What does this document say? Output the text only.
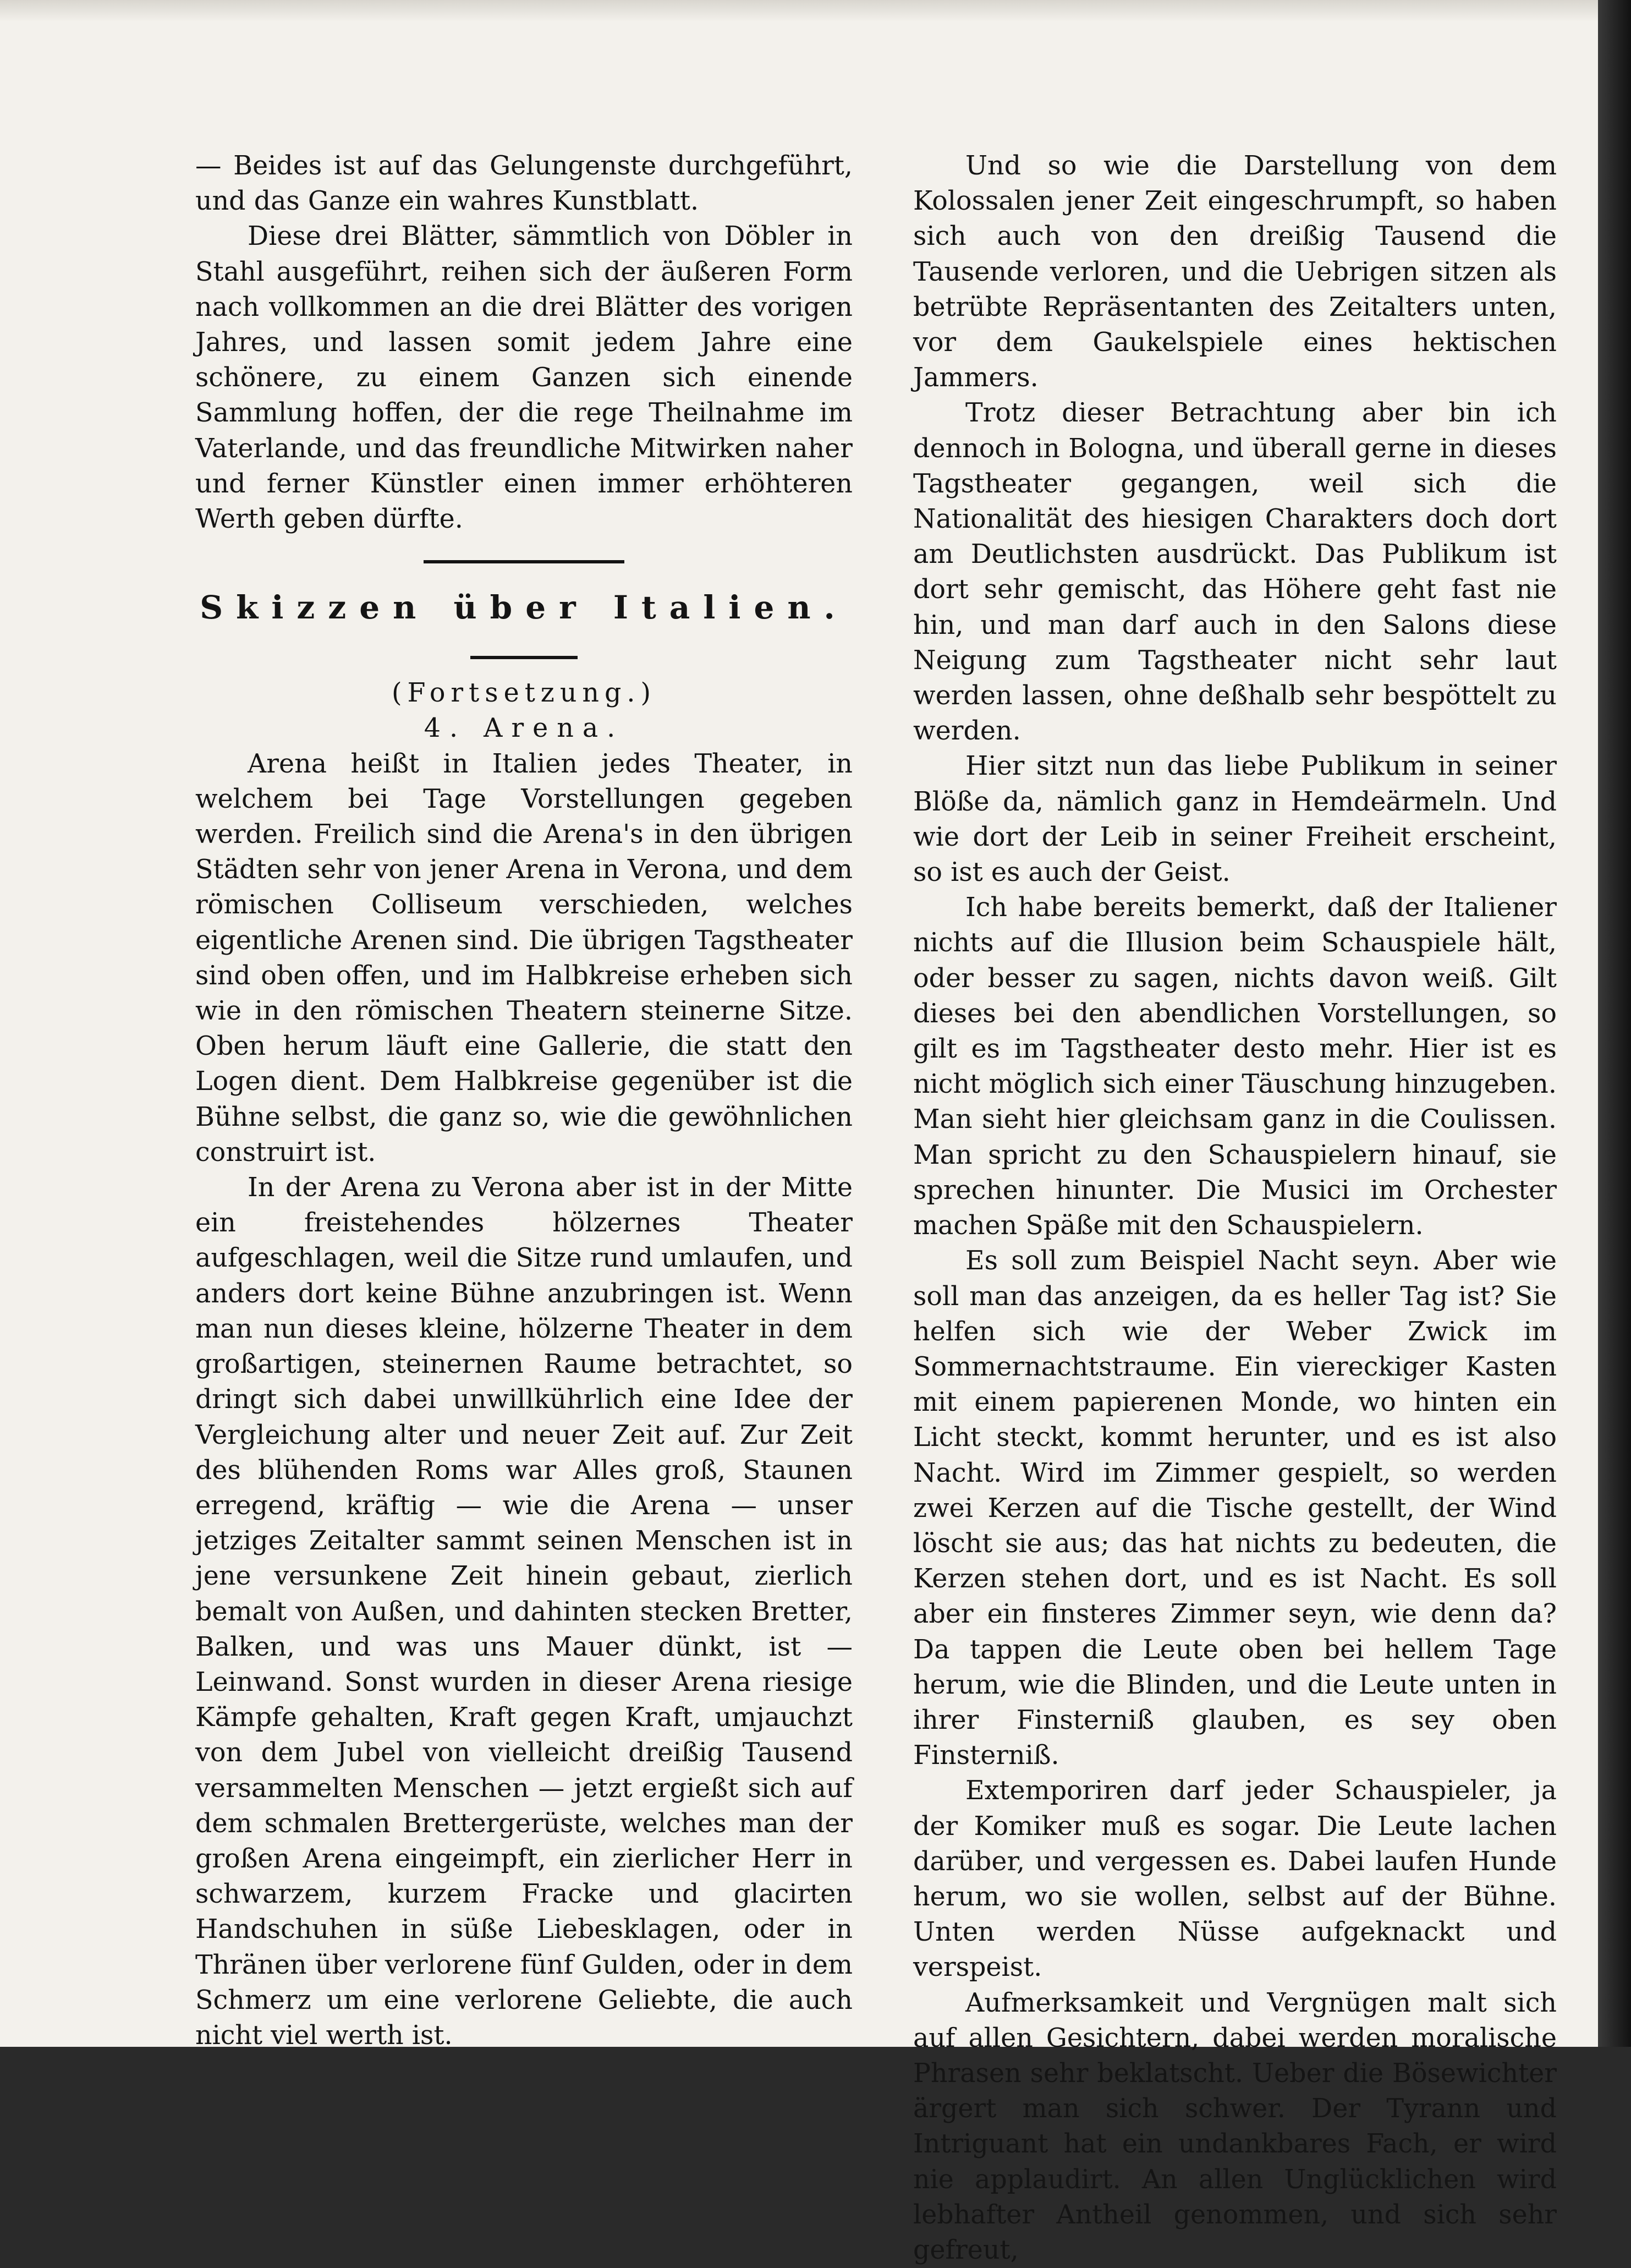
— Beides ist auf das Gelungenste durchgeführt, und das Ganze ein wahres Kunstblatt.

Diese drei Blätter, sämmtlich von Döbler in Stahl ausgeführt, reihen sich der äußeren Form nach vollkommen an die drei Blätter des vorigen Jahres, und lassen somit jedem Jahre eine schönere, zu einem Ganzen sich einende Sammlung hoffen, der die rege Theilnahme im Vaterlande, und das freundliche Mitwirken naher und ferner Künstler einen immer erhöhteren Werth geben dürfte.

Skizzen über Italien.

(Fortsetzung.)

4. Arena.

Arena heißt in Italien jedes Theater, in welchem bei Tage Vorstellungen gegeben werden. Freilich sind die Arena's in den übrigen Städten sehr von jener Arena in Verona, und dem römischen Colliseum verschieden, welches eigentliche Arenen sind. Die übrigen Tagstheater sind oben offen, und im Halbkreise erheben sich wie in den römischen Theatern steinerne Sitze. Oben herum läuft eine Gallerie, die statt den Logen dient. Dem Halbkreise gegenüber ist die Bühne selbst, die ganz so, wie die gewöhnlichen construirt ist.

In der Arena zu Verona aber ist in der Mitte ein freistehendes hölzernes Theater aufgeschlagen, weil die Sitze rund umlaufen, und anders dort keine Bühne anzubringen ist. Wenn man nun dieses kleine, hölzerne Theater in dem großartigen, steinernen Raume betrachtet, so dringt sich dabei unwillkührlich eine Idee der Vergleichung alter und neuer Zeit auf. Zur Zeit des blühenden Roms war Alles groß, Staunen erregend, kräftig — wie die Arena — unser jetziges Zeitalter sammt seinen Menschen ist in jene versunkene Zeit hinein gebaut, zierlich bemalt von Außen, und dahinten stecken Bretter, Balken, und was uns Mauer dünkt, ist — Leinwand. Sonst wurden in dieser Arena riesige Kämpfe gehalten, Kraft gegen Kraft, umjauchzt von dem Jubel von vielleicht dreißig Tausend versammelten Menschen — jetzt ergießt sich auf dem schmalen Brettergerüste, welches man der großen Arena eingeimpft, ein zierlicher Herr in schwarzem, kurzem Fracke und glacirten Handschuhen in süße Liebesklagen, oder in Thränen über verlorene fünf Gulden, oder in dem Schmerz um eine verlorene Geliebte, die auch nicht viel werth ist.

Und so wie die Darstellung von dem Kolossalen jener Zeit eingeschrumpft, so haben sich auch von den dreißig Tausend die Tausende verloren, und die Uebrigen sitzen als betrübte Repräsentanten des Zeitalters unten, vor dem Gaukelspiele eines hektischen Jammers.

Trotz dieser Betrachtung aber bin ich dennoch in Bologna, und überall gerne in dieses Tagstheater gegangen, weil sich die Nationalität des hiesigen Charakters doch dort am Deutlichsten ausdrückt. Das Publikum ist dort sehr gemischt, das Höhere geht fast nie hin, und man darf auch in den Salons diese Neigung zum Tagstheater nicht sehr laut werden lassen, ohne deßhalb sehr bespöttelt zu werden.

Hier sitzt nun das liebe Publikum in seiner Blöße da, nämlich ganz in Hemdeärmeln. Und wie dort der Leib in seiner Freiheit erscheint, so ist es auch der Geist.

Ich habe bereits bemerkt, daß der Italiener nichts auf die Illusion beim Schauspiele hält, oder besser zu sagen, nichts davon weiß. Gilt dieses bei den abendlichen Vorstellungen, so gilt es im Tagstheater desto mehr. Hier ist es nicht möglich sich einer Täuschung hinzugeben. Man sieht hier gleichsam ganz in die Coulissen. Man spricht zu den Schauspielern hinauf, sie sprechen hinunter. Die Musici im Orchester machen Späße mit den Schauspielern.

Es soll zum Beispiel Nacht seyn. Aber wie soll man das anzeigen, da es heller Tag ist? Sie helfen sich wie der Weber Zwick im Sommernachtstraume. Ein viereckiger Kasten mit einem papierenen Monde, wo hinten ein Licht steckt, kommt herunter, und es ist also Nacht. Wird im Zimmer gespielt, so werden zwei Kerzen auf die Tische gestellt, der Wind löscht sie aus; das hat nichts zu bedeuten, die Kerzen stehen dort, und es ist Nacht. Es soll aber ein finsteres Zimmer seyn, wie denn da? Da tappen die Leute oben bei hellem Tage herum, wie die Blinden, und die Leute unten in ihrer Finsterniß glauben, es sey oben Finsterniß.

Extemporiren darf jeder Schauspieler, ja der Komiker muß es sogar. Die Leute lachen darüber, und vergessen es. Dabei laufen Hunde herum, wo sie wollen, selbst auf der Bühne. Unten werden Nüsse aufgeknackt und verspeist.

Aufmerksamkeit und Vergnügen malt sich auf allen Gesichtern, dabei werden moralische Phrasen sehr beklatscht. Ueber die Bösewichter ärgert man sich schwer. Der Tyrann und Intriguant hat ein undankbares Fach, er wird nie applaudirt. An allen Unglücklichen wird lebhafter Antheil genommen, und sich sehr gefreut,
